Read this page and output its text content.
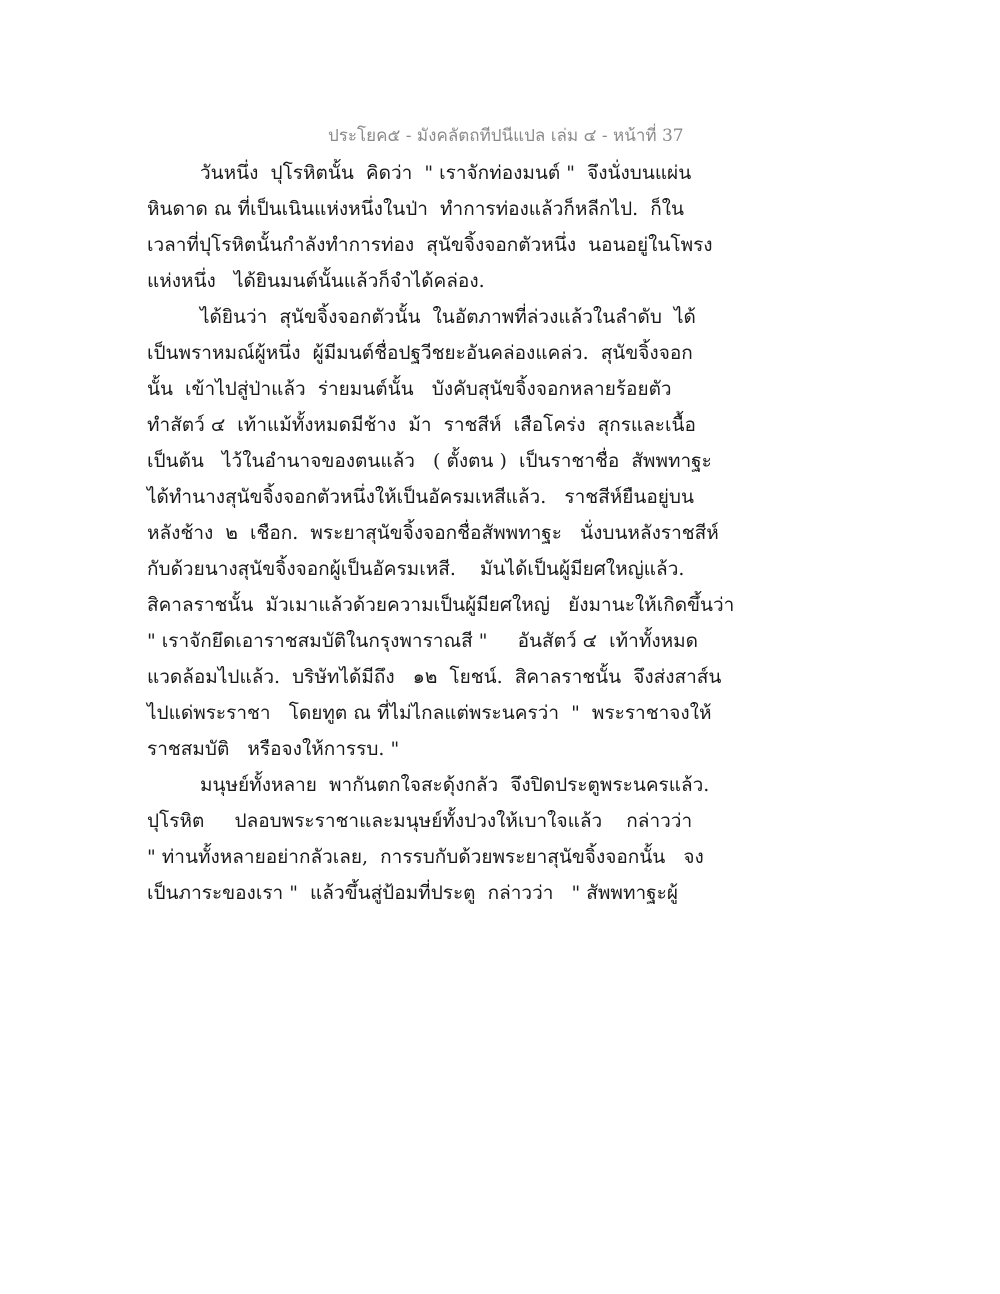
ประโยค๕ - มังคลัตถทีปนีแปล เล่ม ๔ - หน้าที่ 37
วันหนึ่ง  ปุโรหิตนั้น  คิดว่า  " เราจักท่องมนต์ "  จึงนั่งบนแผ่น
หินดาด ณ ที่เป็นเนินแห่งหนึ่งในป่า  ทำการท่องแล้วก็หลีกไป.  ก็ใน
เวลาที่ปุโรหิตนั้นกำลังทำการท่อง  สุนัขจิ้งจอกตัวหนึ่ง  นอนอยู่ในโพรง
แห่งหนึ่ง   ได้ยินมนต์นั้นแล้วก็จำได้คล่อง.
ได้ยินว่า  สุนัขจิ้งจอกตัวนั้น  ในอัตภาพที่ล่วงแล้วในลำดับ  ได้
เป็นพราหมณ์ผู้หนึ่ง  ผู้มีมนต์ชื่อปฐวีชยะอันคล่องแคล่ว.  สุนัขจิ้งจอก
นั้น  เข้าไปสู่ป่าแล้ว  ร่ายมนต์นั้น   บังคับสุนัขจิ้งจอกหลายร้อยตัว
ทำสัตว์ ๔  เท้าแม้ทั้งหมดมีช้าง  ม้า  ราชสีห์  เสือโคร่ง  สุกรและเนื้อ
เป็นต้น   ไว้ในอำนาจของตนแล้ว   ( ตั้งตน )  เป็นราชาชื่อ  สัพพทาฐะ
ได้ทำนางสุนัขจิ้งจอกตัวหนึ่งให้เป็นอัครมเหสีแล้ว.   ราชสีห์ยืนอยู่บน
หลังช้าง  ๒  เชือก.  พระยาสุนัขจิ้งจอกชื่อสัพพทาฐะ   นั่งบนหลังราชสีห์
กับด้วยนางสุนัขจิ้งจอกผู้เป็นอัครมเหสี.    มันได้เป็นผู้มียศใหญ่แล้ว.
สิคาลราชนั้น  มัวเมาแล้วด้วยความเป็นผู้มียศใหญ่   ยังมานะให้เกิดขึ้นว่า
" เราจักยึดเอาราชสมบัติในกรุงพาราณสี "     อันสัตว์ ๔  เท้าทั้งหมด
แวดล้อมไปแล้ว.  บริษัทได้มีถึง   ๑๒  โยชน์.  สิคาลราชนั้น  จึงส่งสาส์น
ไปแด่พระราชา   โดยทูต ณ ที่ไม่ไกลแต่พระนครว่า  "  พระราชาจงให้
ราชสมบัติ   หรือจงให้การรบ. "
มนุษย์ทั้งหลาย  พากันตกใจสะดุ้งกลัว  จึงปิดประตูพระนครแล้ว.
ปุโรหิต     ปลอบพระราชาและมนุษย์ทั้งปวงให้เบาใจแล้ว    กล่าวว่า
" ท่านทั้งหลายอย่ากลัวเลย,  การรบกับด้วยพระยาสุนัขจิ้งจอกนั้น   จง
เป็นภาระของเรา "  แล้วขึ้นสู่ป้อมที่ประตู  กล่าวว่า   " สัพพทาฐะผู้
